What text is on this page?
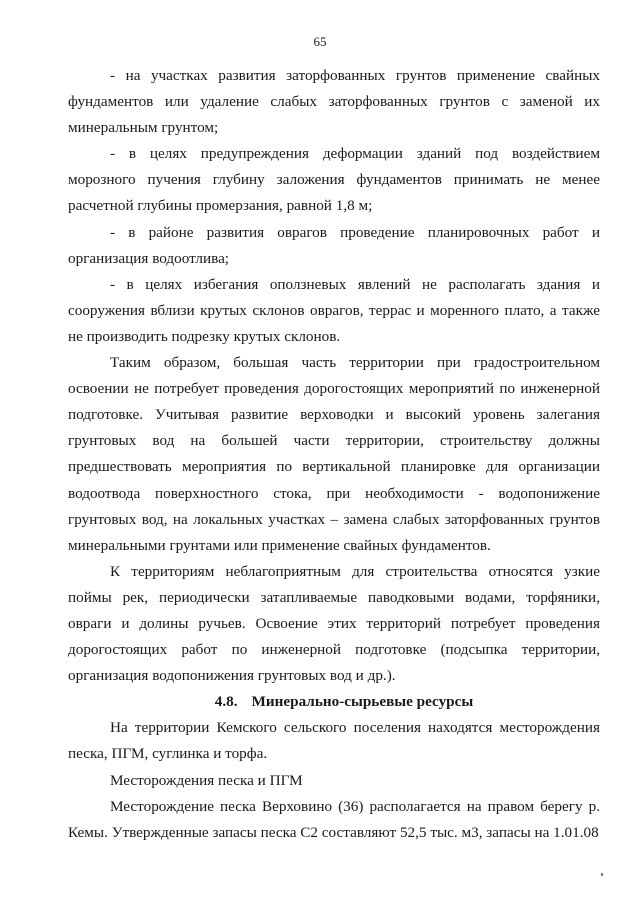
65

- на участках развития заторфованных грунтов применение свайных фундаментов или удаление слабых заторфованных грунтов с заменой их минеральным грунтом;

- в целях предупреждения деформации зданий под воздействием морозного пучения глубину заложения фундаментов принимать не менее расчетной глубины промерзания, равной 1,8 м;

- в районе развития оврагов проведение планировочных работ и организация водоотлива;

- в целях избегания оползневых явлений не располагать здания и сооружения вблизи крутых склонов оврагов, террас и моренного плато, а также не производить подрезку крутых склонов.

Таким образом, большая часть территории при градостроительном освоении не потребует проведения дорогостоящих мероприятий по инженерной подготовке. Учитывая развитие верховодки и высокий уровень залегания грунтовых вод на большей части территории, строительству должны предшествовать мероприятия по вертикальной планировке для организации водоотвода поверхностного стока, при необходимости - водопонижение грунтовых вод, на локальных участках – замена слабых заторфованных грунтов минеральными грунтами или применение свайных фундаментов.

К территориям неблагоприятным для строительства относятся узкие поймы рек, периодически затапливаемые паводковыми водами, торфяники, овраги и долины ручьев. Освоение этих территорий потребует проведения дорогостоящих работ по инженерной подготовке (подсыпка территории, организация водопонижения грунтовых вод и др.).

4.8. Минерально-сырьевые ресурсы

На территории Кемского сельского поселения находятся месторождения песка, ПГМ, суглинка и торфа.

Месторождения песка и ПГМ

Месторождение песка Верховино (36) располагается на правом берегу р. Кемы. Утвержденные запасы песка С2 составляют 52,5 тыс. м3, запасы на 1.01.08
